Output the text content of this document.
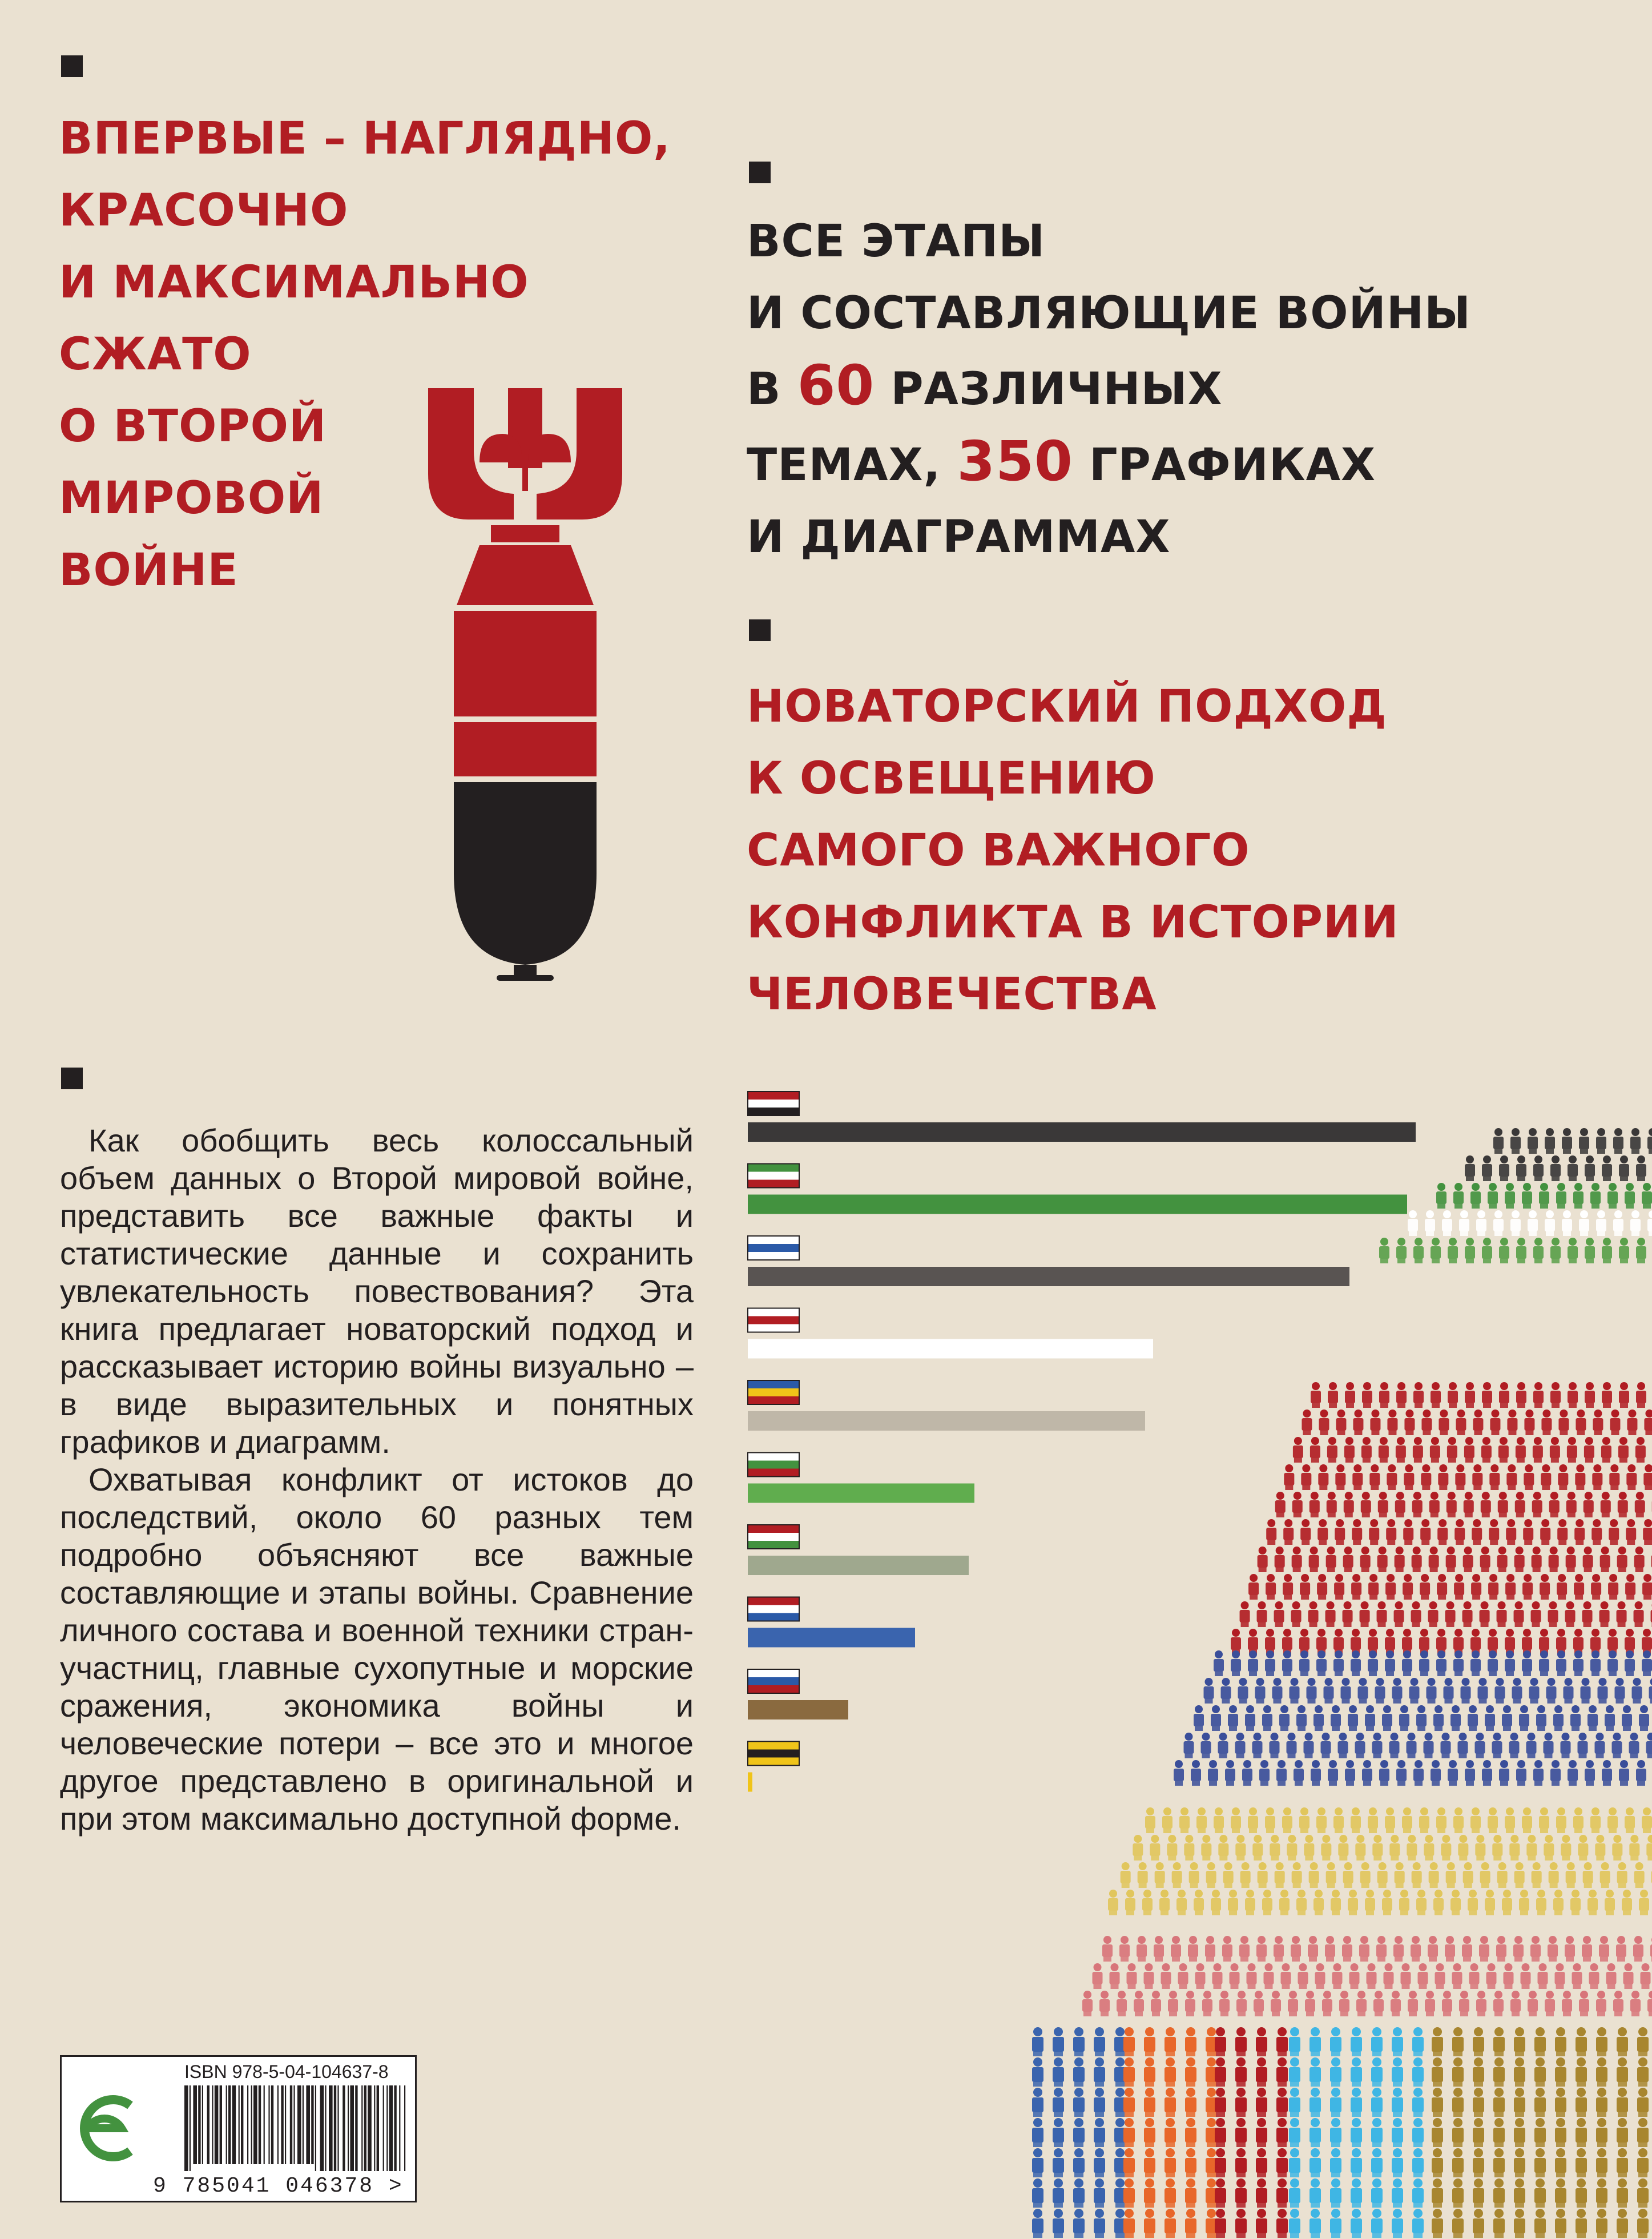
ВПЕРВЫЕ – НАГЛЯДНО,
КРАСОЧНО
И МАКСИМАЛЬНО
СЖАТО
О ВТОРОЙ
МИРОВОЙ
ВОЙНЕ
ВСЕ ЭТАПЫ
И СОСТАВЛЯЮЩИЕ ВОЙНЫ
В 60 РАЗЛИЧНЫХ
ТЕМАХ, 350 ГРАФИКАХ
И ДИАГРАММАХ
НОВАТОРСКИЙ ПОДХОД
К ОСВЕЩЕНИЮ
САМОГО ВАЖНОГО
КОНФЛИКТА В ИСТОРИИ
ЧЕЛОВЕЧЕСТВА

Как обобщить весь колоссальный объем данных о Второй мировой войне, представить все важные факты и статистические данные и сохранить увлекательность повествования? Эта книга предлагает новаторский подход и рассказывает историю войны визуально – в виде выразительных и понятных графиков и диаграмм.

Охватывая конфликт от истоков до последствий, около 60 разных тем подробно объясняют все важные составляющие и этапы войны. Сравнение личного состава и военной техники стран-участниц, главные сухопутные и морские сражения, экономика войны и человеческие потери – все это и многое другое представлено в оригинальной и при этом максимально доступной форме.

ISBN 978-5-04-104637-8
9 785041 046378 >
